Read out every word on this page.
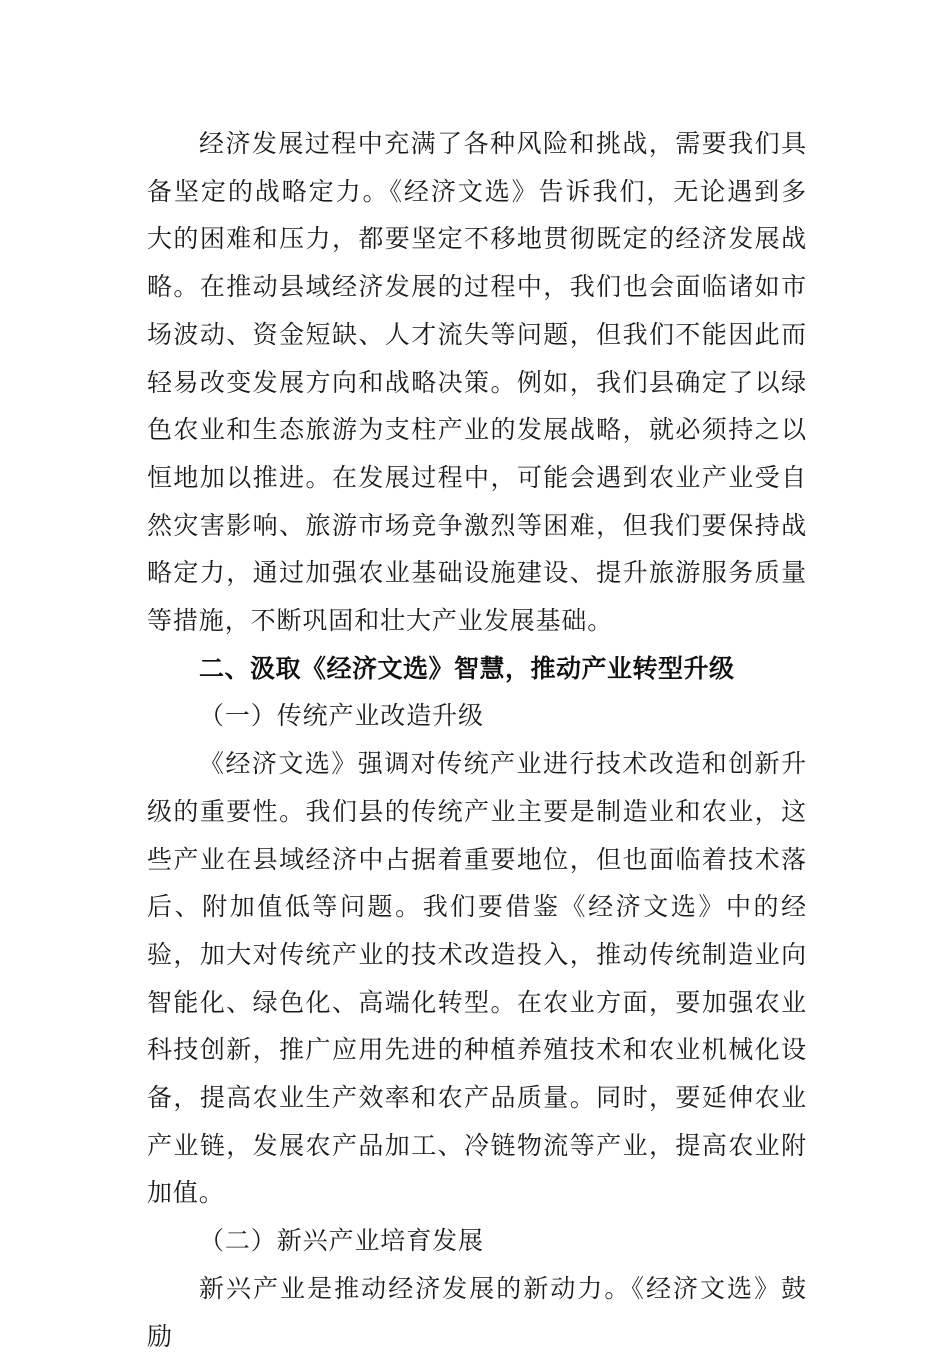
经济发展过程中充满了各种风险和挑战，需要我们具备坚定的战略定力。《经济文选》告诉我们，无论遇到多大的困难和压力，都要坚定不移地贯彻既定的经济发展战略。在推动县域经济发展的过程中，我们也会面临诸如市场波动、资金短缺、人才流失等问题，但我们不能因此而轻易改变发展方向和战略决策。例如，我们县确定了以绿色农业和生态旅游为支柱产业的发展战略，就必须持之以恒地加以推进。在发展过程中，可能会遇到农业产业受自然灾害影响、旅游市场竞争激烈等困难，但我们要保持战略定力，通过加强农业基础设施建设、提升旅游服务质量等措施，不断巩固和壮大产业发展基础。

二、汲取《经济文选》智慧，推动产业转型升级
（一）传统产业改造升级

《经济文选》强调对传统产业进行技术改造和创新升级的重要性。我们县的传统产业主要是制造业和农业，这些产业在县域经济中占据着重要地位，但也面临着技术落后、附加值低等问题。我们要借鉴《经济文选》中的经验，加大对传统产业的技术改造投入，推动传统制造业向智能化、绿色化、高端化转型。在农业方面，要加强农业科技创新，推广应用先进的种植养殖技术和农业机械化设备，提高农业生产效率和农产品质量。同时，要延伸农业产业链，发展农产品加工、冷链物流等产业，提高农业附加值。

（二）新兴产业培育发展

新兴产业是推动经济发展的新动力。《经济文选》鼓励
